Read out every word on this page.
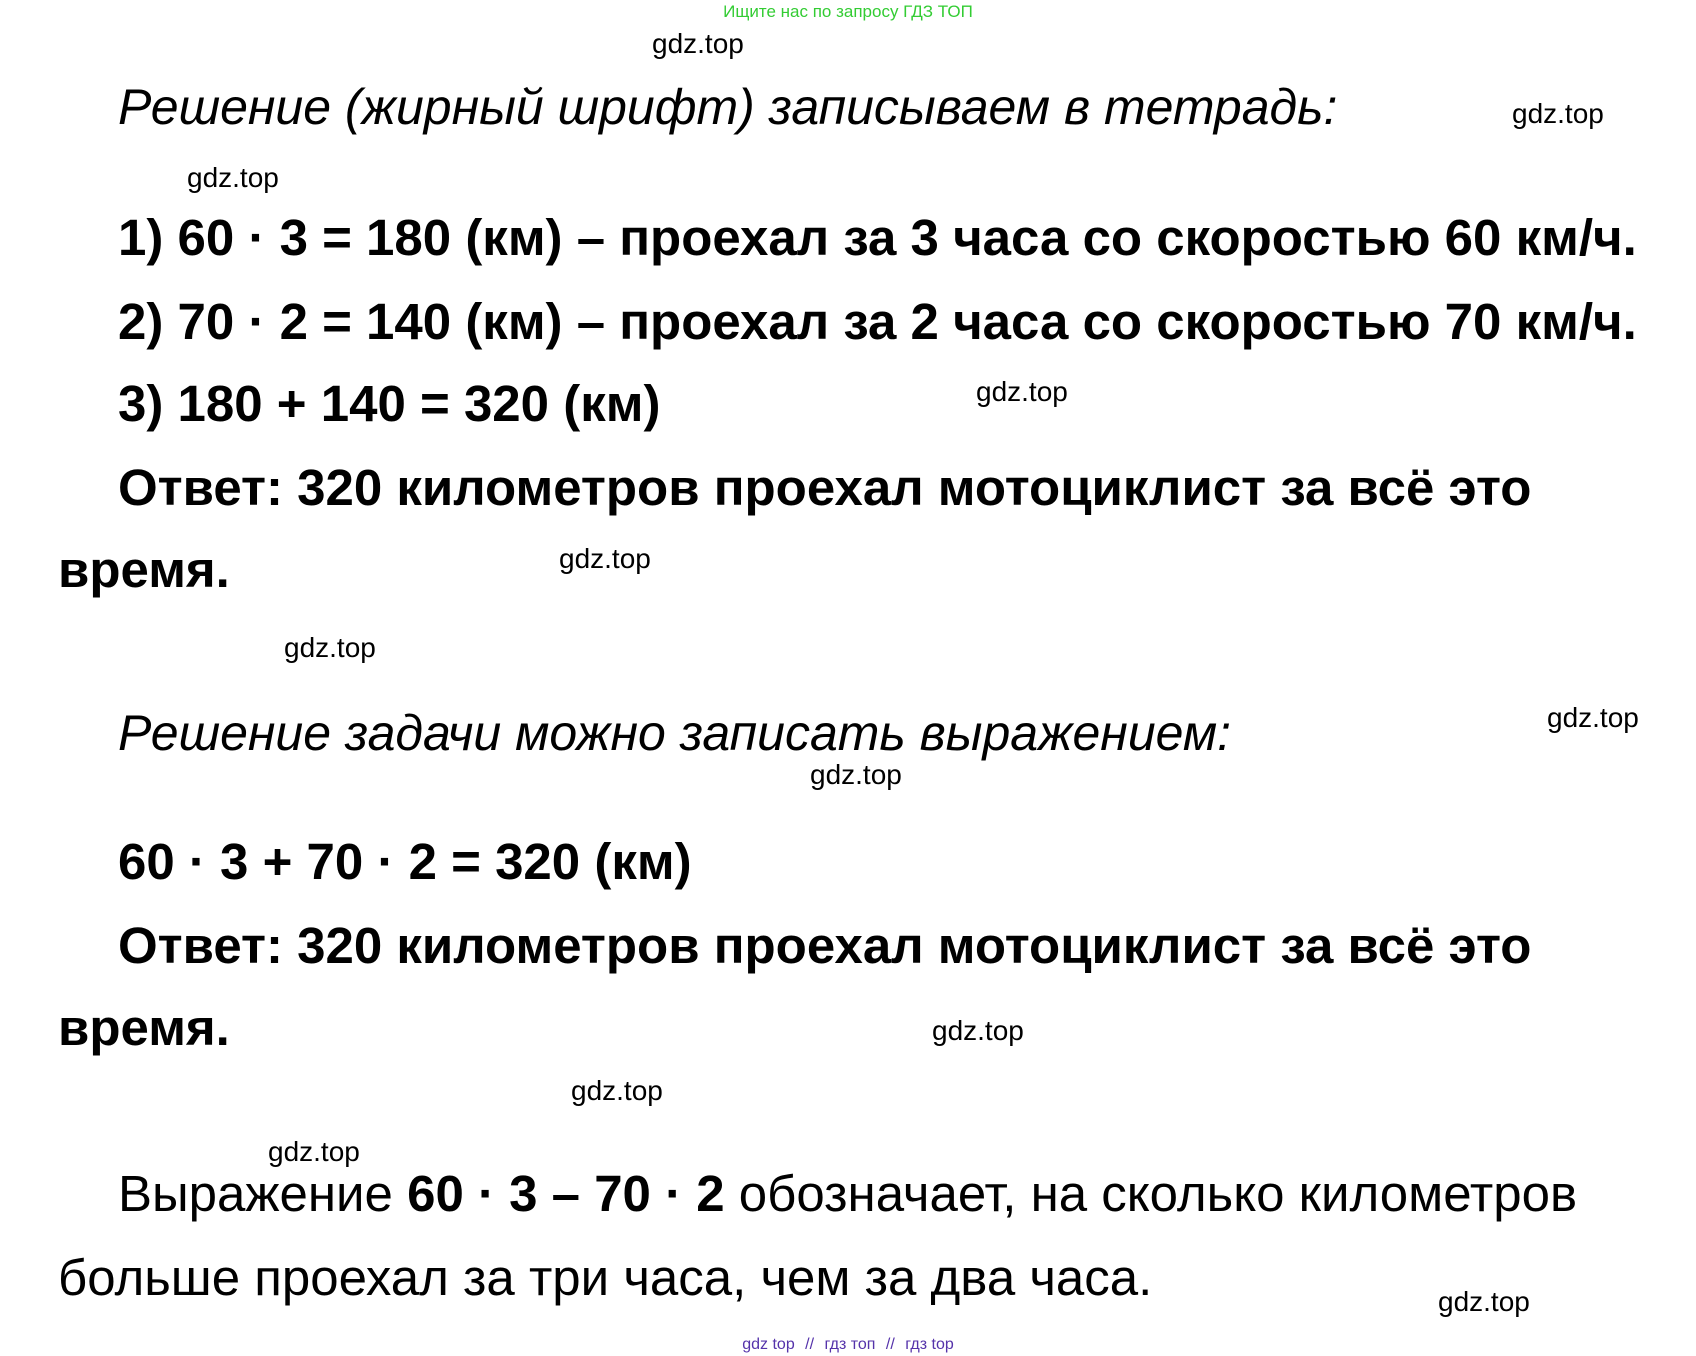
Ищите нас по запросу ГДЗ ТОП
gdz.top
gdz.top
gdz.top
gdz.top
gdz.top
gdz.top
gdz.top
gdz.top
gdz.top
gdz.top
gdz.top
gdz.top
Решение (жирный шрифт) записываем в тетрадь:
1) 60 · 3 = 180 (км) – проехал за 3 часа со скоростью 60 км/ч.
2) 70 · 2 = 140 (км) – проехал за 2 часа со скоростью 70 км/ч.
3) 180 + 140 = 320 (км)
Ответ: 320 километров проехал мотоциклист за всё это
время.
Решение задачи можно записать выражением:
60 · 3 + 70 · 2 = 320 (км)
Ответ: 320 километров проехал мотоциклист за всё это
время.
Выражение 60 · 3 – 70 · 2 обозначает, на сколько километров
больше проехал за три часа, чем за два часа.
gdz top // гдз топ // гдз top
